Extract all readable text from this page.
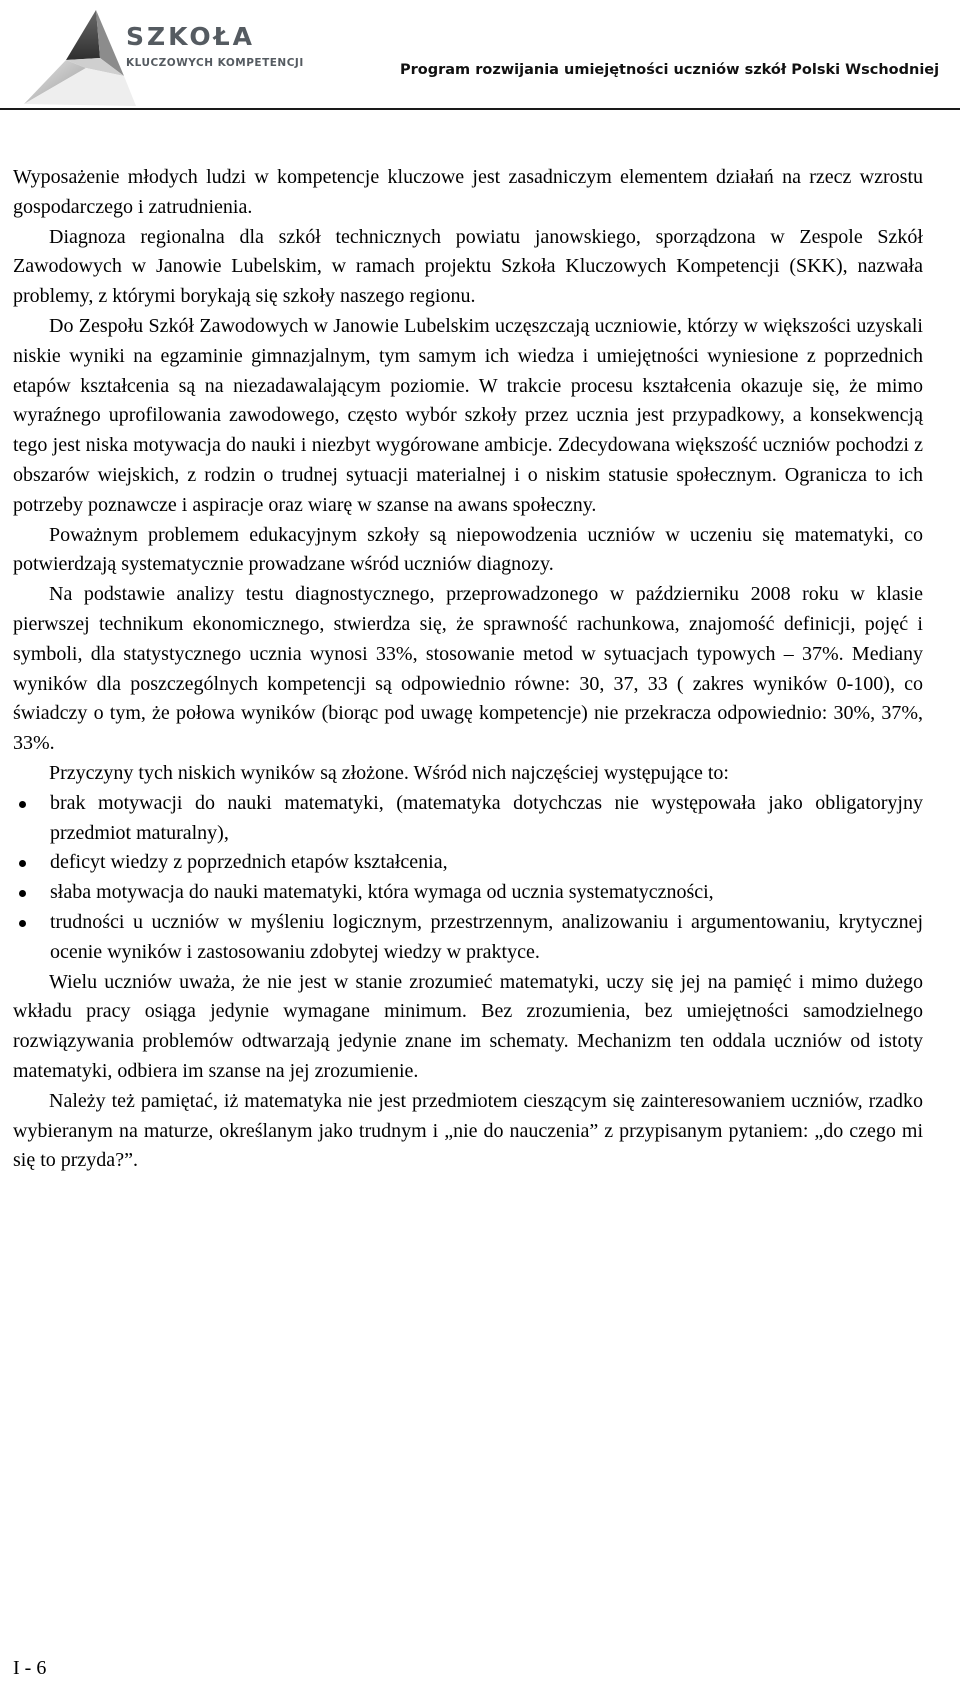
SZKOŁA
KLUCZOWYCH KOMPETENCJI	Program rozwijania umiejętności uczniów szkół Polski Wschodniej

Wyposażenie młodych ludzi w kompetencje kluczowe jest zasadniczym elementem działań na rzecz wzrostu gospodarczego i zatrudnienia.

Diagnoza regionalna dla szkół technicznych powiatu janowskiego, sporządzona w Zespole Szkół Zawodowych w Janowie Lubelskim, w ramach projektu Szkoła Kluczowych Kompetencji (SKK), nazwała problemy, z którymi borykają się szkoły naszego regionu.

Do Zespołu Szkół Zawodowych w Janowie Lubelskim uczęszczają uczniowie, którzy w większości uzyskali niskie wyniki na egzaminie gimnazjalnym, tym samym ich wiedza i umiejętności wyniesione z poprzednich etapów kształcenia są na niezadawalającym poziomie. W trakcie procesu kształcenia okazuje się, że mimo wyraźnego uprofilowania zawodowego, często wybór szkoły przez ucznia jest przypadkowy, a konsekwencją tego jest niska motywacja do nauki i niezbyt wygórowane ambicje. Zdecydowana większość uczniów pochodzi z obszarów wiejskich, z rodzin o trudnej sytuacji materialnej i o niskim statusie społecznym. Ogranicza to ich potrzeby poznawcze i aspiracje oraz wiarę w szanse na awans społeczny.

Poważnym problemem edukacyjnym szkoły są niepowodzenia uczniów w uczeniu się matematyki, co potwierdzają systematycznie prowadzane wśród uczniów diagnozy.

Na podstawie analizy testu diagnostycznego, przeprowadzonego w październiku 2008 roku w klasie pierwszej technikum ekonomicznego, stwierdza się, że sprawność rachunkowa, znajomość definicji, pojęć i symboli, dla statystycznego ucznia wynosi 33%, stosowanie metod w sytuacjach typowych – 37%. Mediany wyników dla poszczególnych kompetencji są odpowiednio równe: 30, 37, 33 ( zakres wyników 0-100), co świadczy o tym, że połowa wyników (biorąc pod uwagę kompetencje) nie przekracza odpowiednio: 30%, 37%, 33%.

Przyczyny tych niskich wyników są złożone. Wśród nich najczęściej występujące to:

brak motywacji do nauki matematyki, (matematyka dotychczas nie występowała jako obligatoryjny przedmiot maturalny),
deficyt wiedzy z poprzednich etapów kształcenia,
słaba motywacja do nauki matematyki, która wymaga od ucznia systematyczności,
trudności u uczniów w myśleniu logicznym, przestrzennym, analizowaniu i argumentowaniu, krytycznej ocenie wyników i zastosowaniu zdobytej wiedzy w praktyce.

Wielu uczniów uważa, że nie jest w stanie zrozumieć matematyki, uczy się jej na pamięć i mimo dużego wkładu pracy osiąga jedynie wymagane minimum. Bez zrozumienia, bez umiejętności samodzielnego rozwiązywania problemów odtwarzają jedynie znane im schematy. Mechanizm ten oddala uczniów od istoty matematyki, odbiera im szanse na jej zrozumienie.

Należy też pamiętać, iż matematyka nie jest przedmiotem cieszącym się zainteresowaniem uczniów, rzadko wybieranym na maturze, określanym jako trudnym i „nie do nauczenia” z przypisanym pytaniem: „do czego mi się to przyda?”.

I - 6
